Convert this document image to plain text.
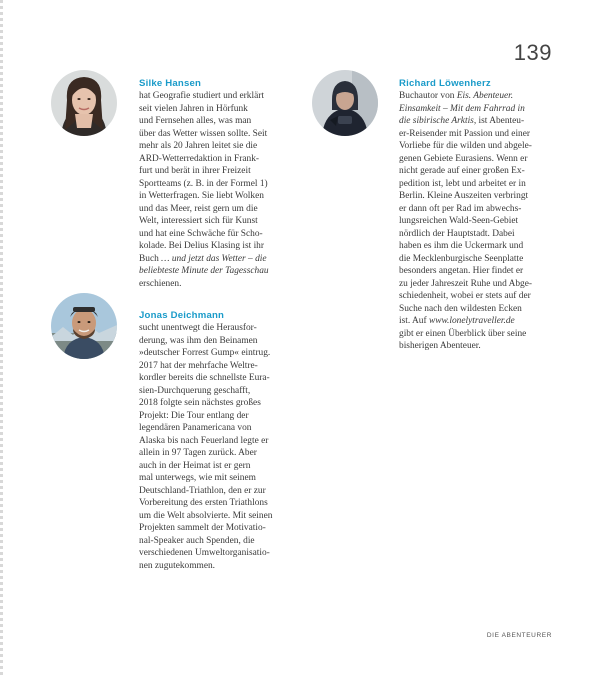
139
Silke Hansen
hat Geografie studiert und erklärt
seit vielen Jahren in Hörfunk
und Fernsehen alles, was man
über das Wetter wissen sollte. Seit
mehr als 20 Jahren leitet sie die
ARD-Wetterredaktion in Frank-
furt und berät in ihrer Freizeit
Sportteams (z. B. in der Formel 1)
in Wetterfragen. Sie liebt Wolken
und das Meer, reist gern um die
Welt, interessiert sich für Kunst
und hat eine Schwäche für Scho-
kolade. Bei Delius Klasing ist ihr
Buch … und jetzt das Wetter – die
beliebteste Minute der Tagesschau
erschienen.
Jonas Deichmann
sucht unentwegt die Herausfor-
derung, was ihm den Beinamen
»deutscher Forrest Gump« eintrug.
2017 hat der mehrfache Weltre-
kordler bereits die schnellste Eura-
sien-Durchquerung geschafft,
2018 folgte sein nächstes großes
Projekt: Die Tour entlang der
legendären Panamericana von
Alaska bis nach Feuerland legte er
allein in 97 Tagen zurück. Aber
auch in der Heimat ist er gern
mal unterwegs, wie mit seinem
Deutschland-Triathlon, den er zur
Vorbereitung des ersten Triathlons
um die Welt absolvierte. Mit seinen
Projekten sammelt der Motivatio-
nal-Speaker auch Spenden, die
verschiedenen Umweltorganisatio-
nen zugutekommen.
Richard Löwenherz
Buchautor von Eis. Abenteuer.
Einsamkeit – Mit dem Fahrrad in
die sibirische Arktis, ist Abenteu-
er-Reisender mit Passion und einer
Vorliebe für die wilden und abgele-
genen Gebiete Eurasiens. Wenn er
nicht gerade auf einer großen Ex-
pedition ist, lebt und arbeitet er in
Berlin. Kleine Auszeiten verbringt
er dann oft per Rad im abwechs-
lungsreichen Wald-Seen-Gebiet
nördlich der Hauptstadt. Dabei
haben es ihm die Uckermark und
die Mecklenburgische Seenplatte
besonders angetan. Hier findet er
zu jeder Jahreszeit Ruhe und Abge-
schiedenheit, wobei er stets auf der
Suche nach den wildesten Ecken
ist. Auf www.lonelytraveller.de
gibt er einen Überblick über seine
bisherigen Abenteuer.
DIE ABENTEURER
